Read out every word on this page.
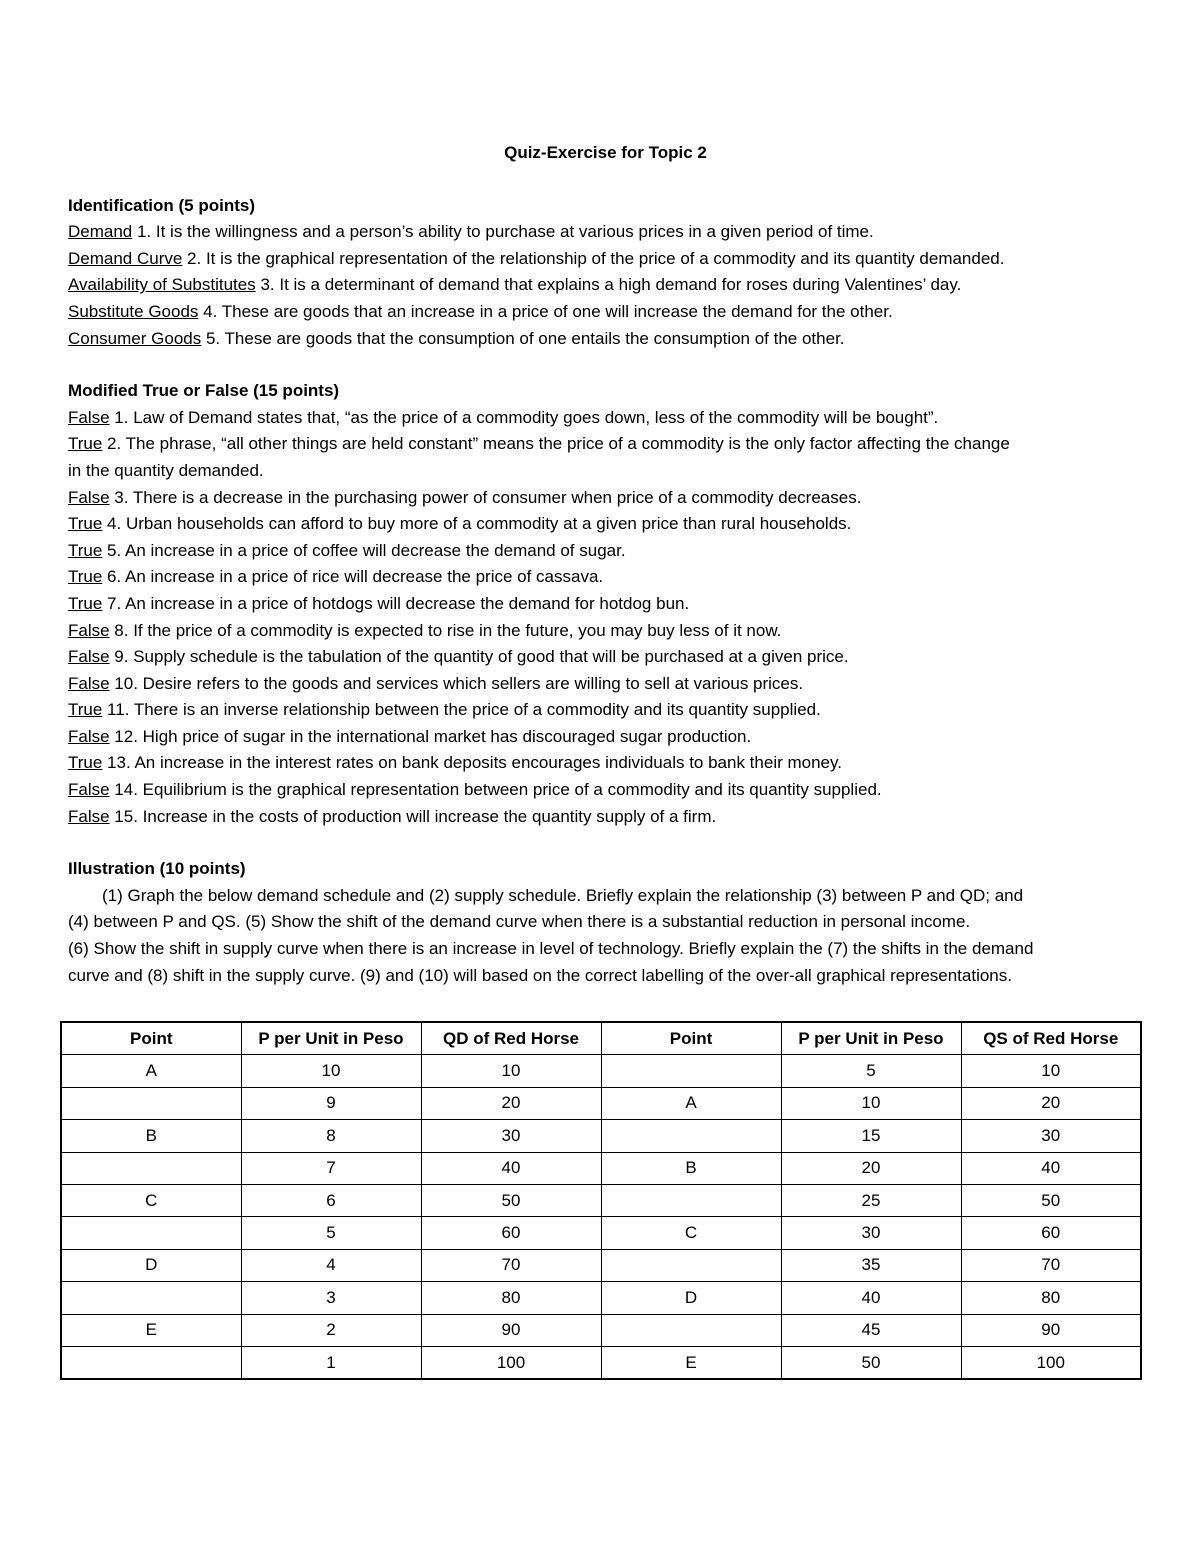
Quiz-Exercise for Topic 2
Identification (5 points)
Demand 1. It is the willingness and a person’s ability to purchase at various prices in a given period of time.
Demand Curve 2. It is the graphical representation of the relationship of the price of a commodity and its quantity demanded.
Availability of Substitutes 3. It is a determinant of demand that explains a high demand for roses during Valentines’ day.
Substitute Goods 4. These are goods that an increase in a price of one will increase the demand for the other.
Consumer Goods 5. These are goods that the consumption of one entails the consumption of the other.
Modified True or False (15 points)
False 1. Law of Demand states that, “as the price of a commodity goes down, less of the commodity will be bought”.
True 2. The phrase, “all other things are held constant” means the price of a commodity is the only factor affecting the change
in the quantity demanded.
False 3. There is a decrease in the purchasing power of consumer when price of a commodity decreases.
True 4. Urban households can afford to buy more of a commodity at a given price than rural households.
True 5. An increase in a price of coffee will decrease the demand of sugar.
True 6. An increase in a price of rice will decrease the price of cassava.
True 7. An increase in a price of hotdogs will decrease the demand for hotdog bun.
False 8. If the price of a commodity is expected to rise in the future, you may buy less of it now.
False 9. Supply schedule is the tabulation of the quantity of good that will be purchased at a given price.
False 10. Desire refers to the goods and services which sellers are willing to sell at various prices.
True 11. There is an inverse relationship between the price of a commodity and its quantity supplied.
False 12. High price of sugar in the international market has discouraged sugar production.
True 13. An increase in the interest rates on bank deposits encourages individuals to bank their money.
False 14. Equilibrium is the graphical representation between price of a commodity and its quantity supplied.
False 15. Increase in the costs of production will increase the quantity supply of a firm.
Illustration (10 points)
(1) Graph the below demand schedule and (2) supply schedule. Briefly explain the relationship (3) between P and QD; and
(4) between P and QS. (5) Show the shift of the demand curve when there is a substantial reduction in personal income.
(6) Show the shift in supply curve when there is an increase in level of technology. Briefly explain the (7) the shifts in the demand
curve and (8) shift in the supply curve. (9) and (10) will based on the correct labelling of the over-all graphical representations.
Point	P per Unit in Peso	QD of Red Horse	Point	P per Unit in Peso	QS of Red Horse
A	10	10		5	10
	9	20	A	10	20
B	8	30		15	30
	7	40	B	20	40
C	6	50		25	50
	5	60	C	30	60
D	4	70		35	70
	3	80	D	40	80
E	2	90		45	90
	1	100	E	50	100
